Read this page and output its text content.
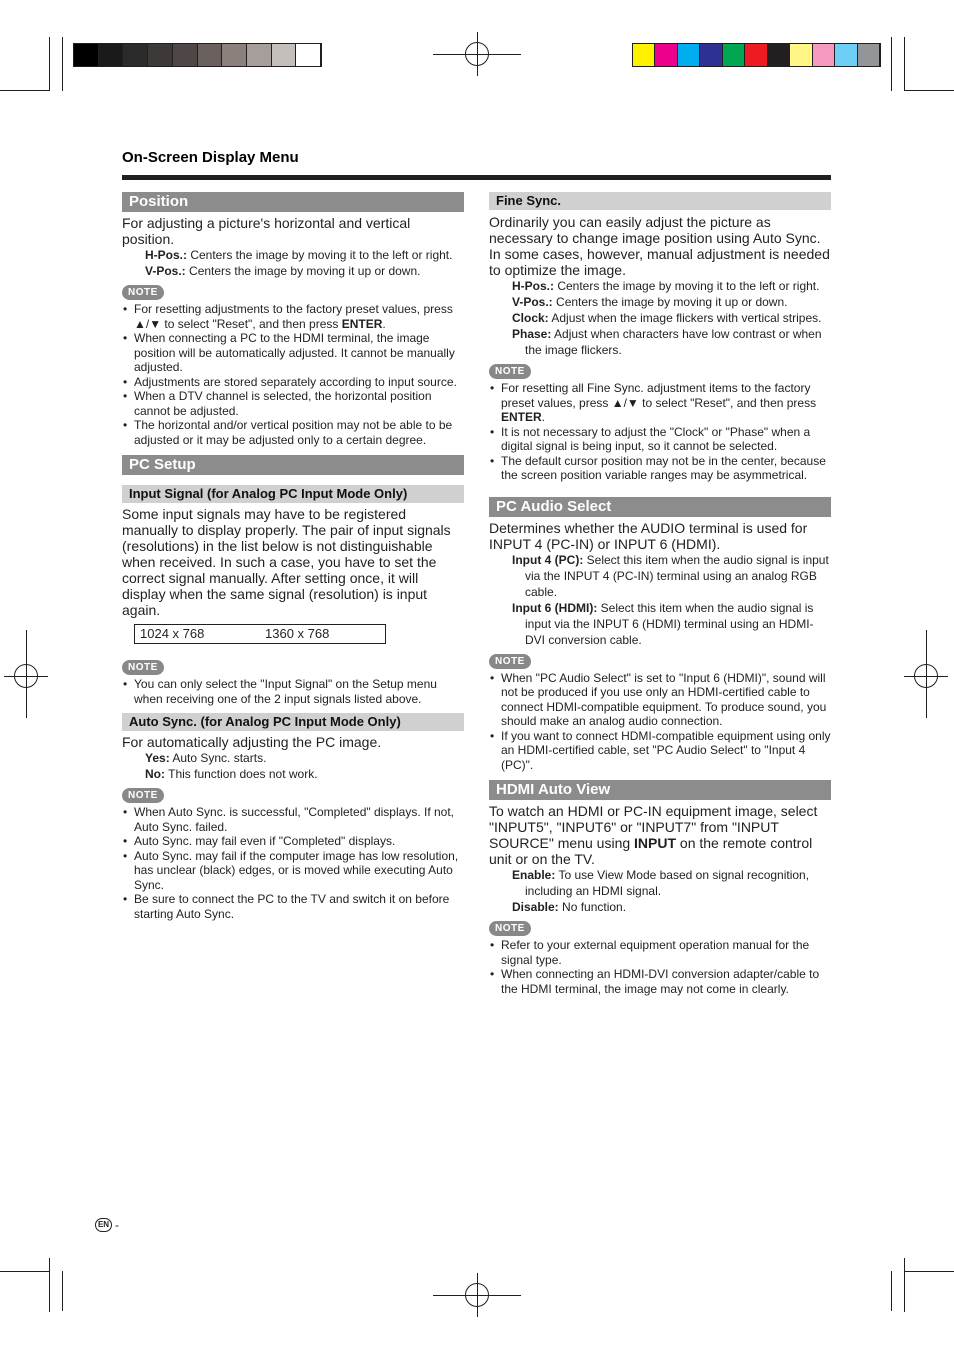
On-Screen Display Menu
Position

For adjusting a picture's horizontal and vertical position.

H-Pos.: Centers the image by moving it to the left or right.
V-Pos.: Centers the image by moving it up or down.
NOTE
• For resetting adjustments to the factory preset values, press ▲/▼ to select "Reset", and then press ENTER.
• When connecting a PC to the HDMI terminal, the image position will be automatically adjusted. It cannot be manually adjusted.
• Adjustments are stored separately according to input source.
• When a DTV channel is selected, the horizontal position cannot be adjusted.
• The horizontal and/or vertical position may not be able to be adjusted or it may be adjusted only to a certain degree.
PC Setup
Input Signal (for Analog PC Input Mode Only)

Some input signals may have to be registered manually to display properly. The pair of input signals (resolutions) in the list below is not distinguishable when received. In such a case, you have to set the correct signal manually. After setting once, it will display when the same signal (resolution) is input again.

1024 x 768	1360 x 768
NOTE
• You can only select the "Input Signal" on the Setup menu when receiving one of the 2 input signals listed above.
Auto Sync. (for Analog PC Input Mode Only)

For automatically adjusting the PC image.

Yes: Auto Sync. starts.
No: This function does not work.
NOTE
• When Auto Sync. is successful, "Completed" displays. If not, Auto Sync. failed.
• Auto Sync. may fail even if "Completed" displays.
• Auto Sync. may fail if the computer image has low resolution, has unclear (black) edges, or is moved while executing Auto Sync.
• Be sure to connect the PC to the TV and switch it on before starting Auto Sync.
Fine Sync.

Ordinarily you can easily adjust the picture as necessary to change image position using Auto Sync. In some cases, however, manual adjustment is needed to optimize the image.

H-Pos.: Centers the image by moving it to the left or right.
V-Pos.: Centers the image by moving it up or down.
Clock: Adjust when the image flickers with vertical stripes.
Phase: Adjust when characters have low contrast or when the image flickers.
NOTE
• For resetting all Fine Sync. adjustment items to the factory preset values, press ▲/▼ to select "Reset", and then press ENTER.
• It is not necessary to adjust the "Clock" or "Phase" when a digital signal is being input, so it cannot be selected.
• The default cursor position may not be in the center, because the screen position variable ranges may be asymmetrical.
PC Audio Select

Determines whether the AUDIO terminal is used for INPUT 4 (PC-IN) or INPUT 6 (HDMI).

Input 4 (PC): Select this item when the audio signal is input via the INPUT 4 (PC-IN) terminal using an analog RGB cable.
Input 6 (HDMI): Select this item when the audio signal is input via the INPUT 6 (HDMI) terminal using an HDMI-DVI conversion cable.
NOTE
• When "PC Audio Select" is set to "Input 6 (HDMI)", sound will not be produced if you use only an HDMI-certified cable to connect HDMI-compatible equipment. To produce sound, you should make an analog audio connection.
• If you want to connect HDMI-compatible equipment using only an HDMI-certified cable, set "PC Audio Select" to "Input 4 (PC)".
HDMI Auto View

To watch an HDMI or PC-IN equipment image, select "INPUT5", "INPUT6" or "INPUT7" from "INPUT SOURCE" menu using INPUT on the remote control unit or on the TV.

Enable: To use View Mode based on signal recognition, including an HDMI signal.
Disable: No function.
NOTE
• Refer to your external equipment operation manual for the signal type.
• When connecting an HDMI-DVI conversion adapter/cable to the HDMI terminal, the image may not come in clearly.
EN -
